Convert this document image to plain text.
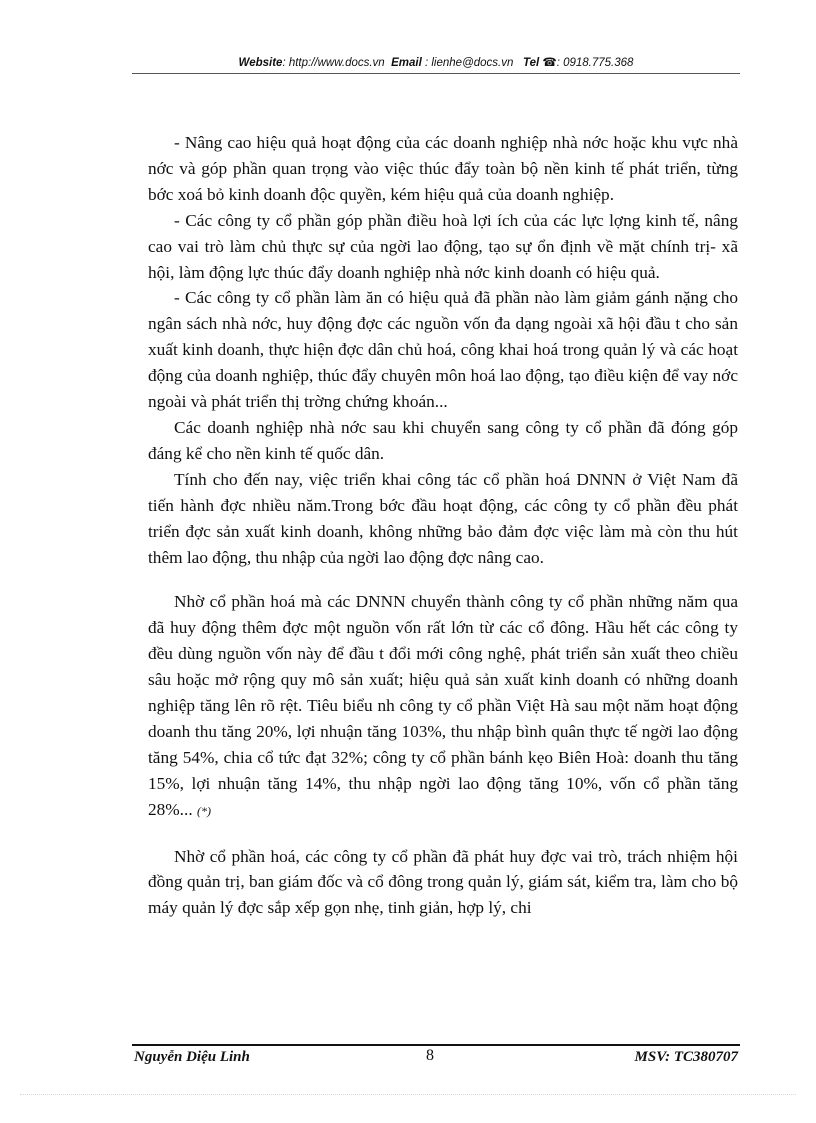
Website: http://www.docs.vn Email : lienhe@docs.vn Tel ☎: 0918.775.368

- Nâng cao hiệu quả hoạt động của các doanh nghiệp nhà nớc hoặc khu vực nhà nớc và góp phần quan trọng vào việc thúc đẩy toàn bộ nền kinh tế phát triển, từng bớc xoá bỏ kinh doanh độc quyền, kém hiệu quả của doanh nghiệp.

- Các công ty cổ phần góp phần điều hoà lợi ích của các lực lợng kinh tế, nâng cao vai trò làm chủ thực sự của ngời lao động, tạo sự ổn định về mặt chính trị- xã hội, làm động lực thúc đẩy doanh nghiệp nhà nớc kinh doanh có hiệu quả.

- Các công ty cổ phần làm ăn có hiệu quả đã phần nào làm giảm gánh nặng cho ngân sách nhà nớc, huy động đợc các nguồn vốn đa dạng ngoài xã hội đầu t cho sản xuất kinh doanh, thực hiện đợc dân chủ hoá, công khai hoá trong quản lý và các hoạt động của doanh nghiệp, thúc đẩy chuyên môn hoá lao động, tạo điều kiện để vay nớc ngoài và phát triển thị trờng chứng khoán...

Các doanh nghiệp nhà nớc sau khi chuyển sang công ty cổ phần đã đóng góp đáng kể cho nền kinh tế quốc dân.

Tính cho đến nay, việc triển khai công tác cổ phần hoá DNNN ở Việt Nam đã tiến hành đợc nhiều năm.Trong bớc đầu hoạt động, các công ty cổ phần đều phát triển đợc sản xuất kinh doanh, không những bảo đảm đợc việc làm mà còn thu hút thêm lao động, thu nhập của ngời lao động đợc nâng cao.

Nhờ cổ phần hoá mà các DNNN chuyển thành công ty cổ phần những năm qua đã huy động thêm đợc một nguồn vốn rất lớn từ các cổ đông. Hầu hết các công ty đều dùng nguồn vốn này để đầu t đổi mới công nghệ, phát triển sản xuất theo chiều sâu hoặc mở rộng quy mô sản xuất; hiệu quả sản xuất kinh doanh có những doanh nghiệp tăng lên rõ rệt. Tiêu biểu nh công ty cổ phần Việt Hà sau một năm hoạt động doanh thu tăng 20%, lợi nhuận tăng 103%, thu nhập bình quân thực tế ngời lao động tăng 54%, chia cổ tức đạt 32%; công ty cổ phần bánh kẹo Biên Hoà: doanh thu tăng 15%, lợi nhuận tăng 14%, thu nhập ngời lao động tăng 10%, vốn cổ phần tăng 28%... (*)

Nhờ cổ phần hoá, các công ty cổ phần đã phát huy đợc vai trò, trách nhiệm hội đồng quản trị, ban giám đốc và cổ đông trong quản lý, giám sát, kiểm tra, làm cho bộ máy quản lý đợc sắp xếp gọn nhẹ, tinh giản, hợp lý, chi

Nguyễn Diệu Linh	8	MSV: TC380707
